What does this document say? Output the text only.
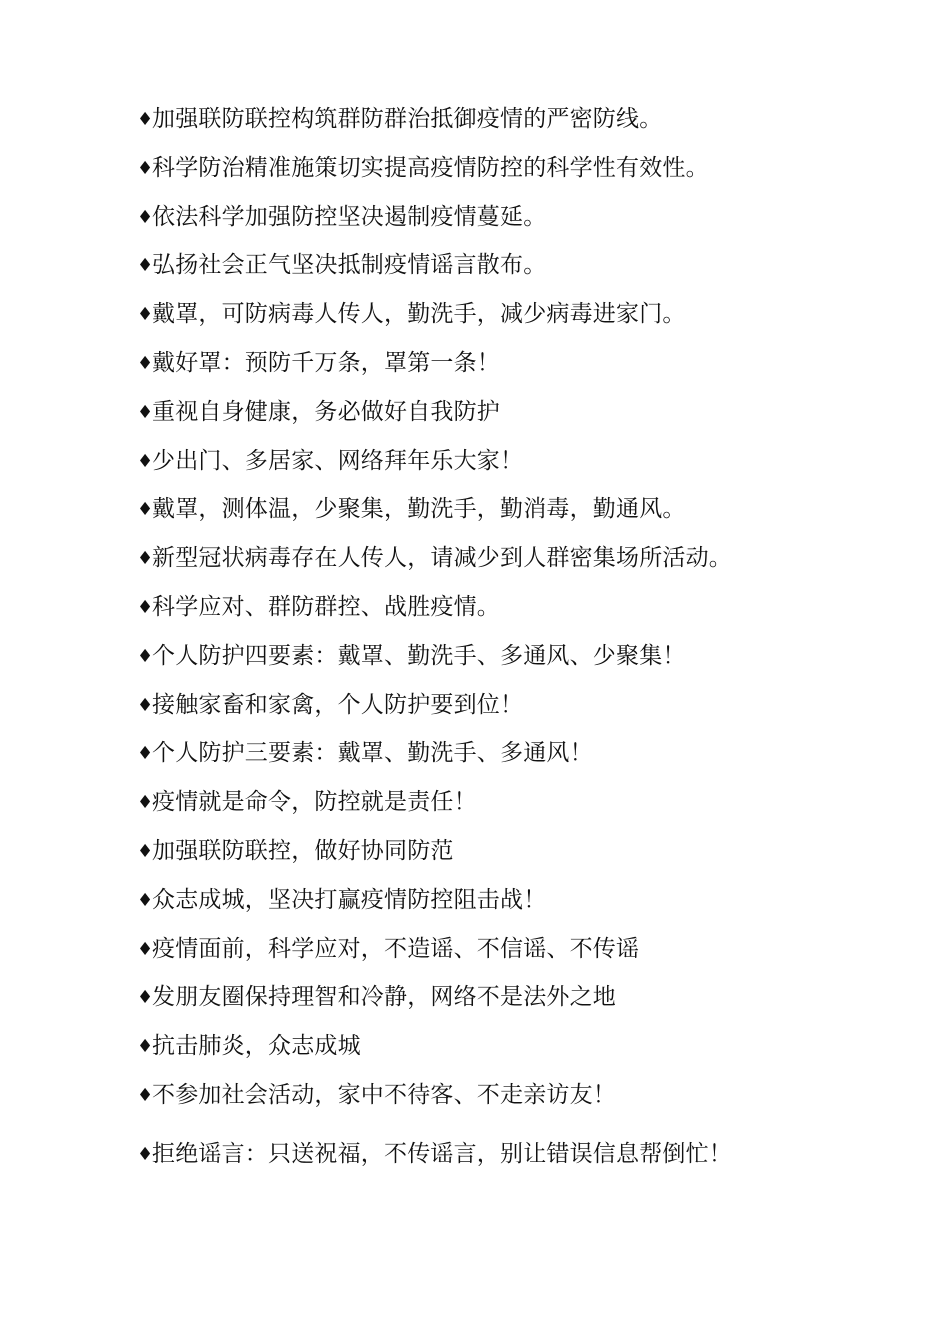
♦加强联防联控构筑群防群治抵御疫情的严密防线。
♦科学防治精准施策切实提高疫情防控的科学性有效性。
♦依法科学加强防控坚决遏制疫情蔓延。
♦弘扬社会正气坚决抵制疫情谣言散布。
♦戴罩，可防病毒人传人，勤洗手，减少病毒进家门。
♦戴好罩：预防千万条，罩第一条！
♦重视自身健康，务必做好自我防护
♦少出门、多居家、网络拜年乐大家！
♦戴罩，测体温，少聚集，勤洗手，勤消毒，勤通风。
♦新型冠状病毒存在人传人，请减少到人群密集场所活动。
♦科学应对、群防群控、战胜疫情。
♦个人防护四要素：戴罩、勤洗手、多通风、少聚集！
♦接触家畜和家禽，个人防护要到位！
♦个人防护三要素：戴罩、勤洗手、多通风！
♦疫情就是命令，防控就是责任！
♦加强联防联控，做好协同防范
♦众志成城，坚决打赢疫情防控阻击战！
♦疫情面前，科学应对，不造谣、不信谣、不传谣
♦发朋友圈保持理智和冷静，网络不是法外之地
♦抗击肺炎，众志成城
♦不参加社会活动，家中不待客、不走亲访友！
♦拒绝谣言：只送祝福，不传谣言，别让错误信息帮倒忙！
